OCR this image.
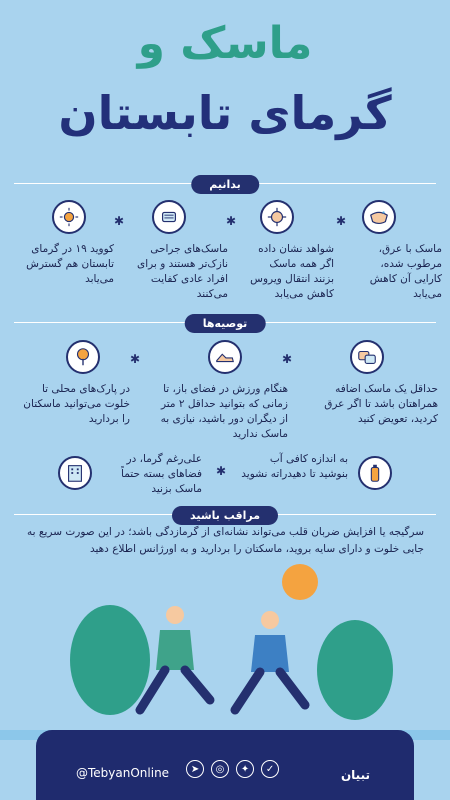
ماسک و
گرمای تابستان
بدانیم
ماسک با عرق، مرطوب شده، کارایی آن کاهش می‌یابد
✱
شواهد نشان داده اگر همه ماسک بزنند انتقال ویروس کاهش می‌یابد
✱
ماسک‌های جراحی نازک‌تر هستند و برای افراد عادی کفایت می‌کنند
✱
کووید ۱۹ در گرمای تابستان هم گسترش می‌یابد
توصیه‌ها
حداقل یک ماسک اضافه همراهتان باشد تا اگر عرق کردید، تعویض کنید
✱
هنگام ورزش در فضای باز، تا زمانی که بتوانید حداقل ۲ متر از دیگران دور باشید، نیازی به ماسک ندارید
✱
در پارک‌های محلی تا خلوت می‌توانید ماسکتان را بردارید
به اندازه کافی آب بنوشید تا دهیدراته نشوید
✱
علی‌رغم گرما، در فضاهای بسته حتماً ماسک بزنید
مراقب باشید
سرگیجه یا افزایش ضربان قلب می‌تواند نشانه‌ای از گرمازدگی باشد؛ در این صورت سریع به جایی خلوت و دارای سایه بروید، ماسکتان را بردارید و به اورژانس اطلاع دهید
@TebyanOnline	➤	◎	✦	✓	تبیان
